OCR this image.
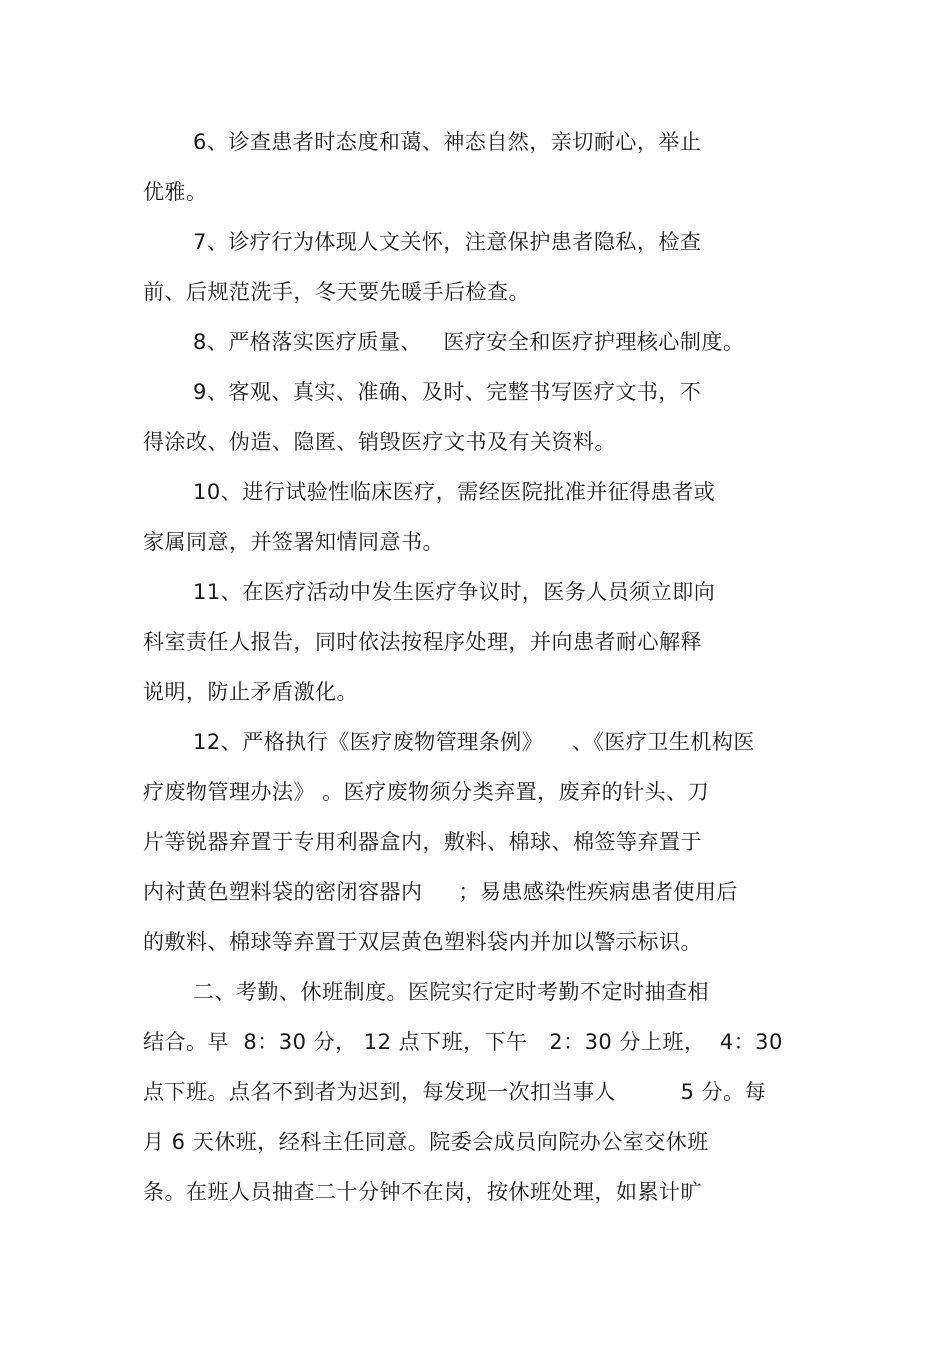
6、诊查患者时态度和蔼、神态自然，亲切耐心，举止
优雅。
7、诊疗行为体现人文关怀，注意保护患者隐私，检查
前、后规范洗手，冬天要先暖手后检查。
8、严格落实医疗质量、   医疗安全和医疗护理核心制度。
9、客观、真实、准确、及时、完整书写医疗文书，不
得涂改、伪造、隐匿、销毁医疗文书及有关资料。
10、进行试验性临床医疗，需经医院批准并征得患者或
家属同意，并签署知情同意书。
11、在医疗活动中发生医疗争议时，医务人员须立即向
科室责任人报告，同时依法按程序处理，并向患者耐心解释
说明，防止矛盾激化。
12、严格执行《医疗废物管理条例》    、《医疗卫生机构医
疗废物管理办法》 。医疗废物须分类弃置，废弃的针头、刀
片等锐器弃置于专用利器盒内，敷料、棉球、棉签等弃置于
内衬黄色塑料袋的密闭容器内     ；易患感染性疾病患者使用后
的敷料、棉球等弃置于双层黄色塑料袋内并加以警示标识。
二、考勤、休班制度。医院实行定时考勤不定时抽查相
结合。早  8：30 分， 12 点下班，下午   2：30 分上班，  4：30
点下班。点名不到者为迟到，每发现一次扣当事人         5 分。每
月 6 天休班，经科主任同意。院委会成员向院办公室交休班
条。在班人员抽查二十分钟不在岗，按休班处理，如累计旷
